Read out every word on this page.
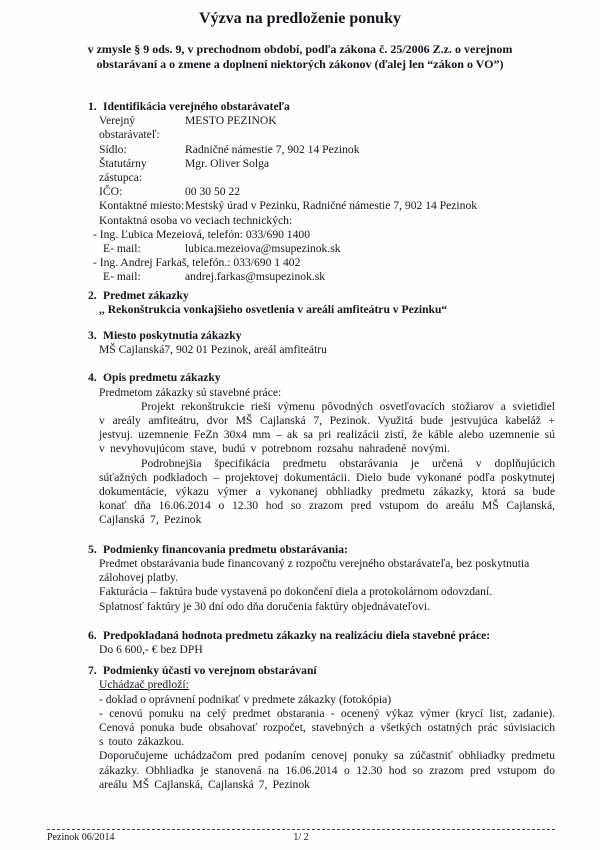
Výzva na predloženie ponuky

v zmysle § 9 ods. 9, v prechodnom období, podľa zákona č. 25/2006 Z.z. o verejnom obstarávaní a o zmene a doplnení niektorých zákonov (ďalej len “zákon o VO”)

1. Identifikácia verejného obstarávateľa
Verejný obstarávateľ:
MESTO PEZINOK
Sídlo:	Radničné námestie 7, 902 14 Pezinok
Štatutárny zástupca:
Mgr. Oliver Solga
IČO:	00 30 50 22
Kontaktné miesto: Mestský úrad v Pezinku, Radničné námestie 7, 902 14 Pezinok
Kontaktná osoba vo veciach technických:
- Ing. Ľubica Mezeiová, telefón: 033/690 1400
E- mail:	lubica.mezeiova@msupezinok.sk
- Ing. Andrej Farkaš, telefón.: 033/690 1 402
E- mail:	andrej.farkas@msupezinok.sk
2. Predmet zákazky
,, Rekonštrukcia vonkajšieho osvetlenia v areáli amfiteátru v Pezinku“
3. Miesto poskytnutia zákazky
MŠ Cajlanská7, 902 01 Pezinok, areál amfiteátru
4. Opis predmetu zákazky
Predmetom zákazky sú stavebné práce:

Projekt rekonštrukcie rieši výmenu pôvodných osvetľovacích stožiarov a svietidiel v areály amfiteátru, dvor MŠ Cajlanská 7, Pezinok. Využitá bude jestvujúca kabeláž + jestvuj. uzemnenie FeZn 30x4 mm – ak sa pri realizácii zistí, že káble alebo uzemnenie sú v nevyhovujúcom stave, budú v potrebnom rozsahu nahradené novými.

Podrobnejšia špecifikácia predmetu obstarávania je určená v doplňujúcich súťažných podkladoch – projektovej dokumentácii. Dielo bude vykonané podľa poskytnutej dokumentácie, výkazu výmer a vykonanej obhliadky predmetu zákazky, ktorá sa bude konať dňa 16.06.2014 o 12.30 hod so zrazom pred vstupom do areálu MŠ Cajlanská, Cajlanská 7, Pezinok

5. Podmienky financovania predmetu obstarávania:
Predmet obstarávania bude financovaný z rozpočtu verejného obstarávateľa, bez poskytnutia zálohovej platby.
Fakturácia – faktúra bude vystavená po dokončení diela a protokolárnom odovzdaní.
Splatnosť faktúry je 30 dní odo dňa doručenia faktúry objednávateľovi.
6. Predpokladaná hodnota predmetu zákazky na realizáciu diela stavebné práce:
Do 6 600,- € bez DPH
7. Podmienky účasti vo verejnom obstarávaní
Uchádzač predloží:
- doklad o oprávnení podnikať v predmete zákazky (fotokópia)
- cenovú ponuku na celý predmet obstarania - ocenený výkaz výmer (krycí list, zadanie). Cenová ponuka bude obsahovať rozpočet, stavebných a všetkých ostatných prác súvisiacich s touto zákazkou.
Doporučujeme uchádzačom pred podaním cenovej ponuky sa zúčastniť obhliadky predmetu zákazky. Obhliadka je stanovená na 16.06.2014 o 12.30 hod so zrazom pred vstupom do areálu MŠ Cajlanská, Cajlanská 7, Pezinok
Pezinok 06/2014	1/ 2
